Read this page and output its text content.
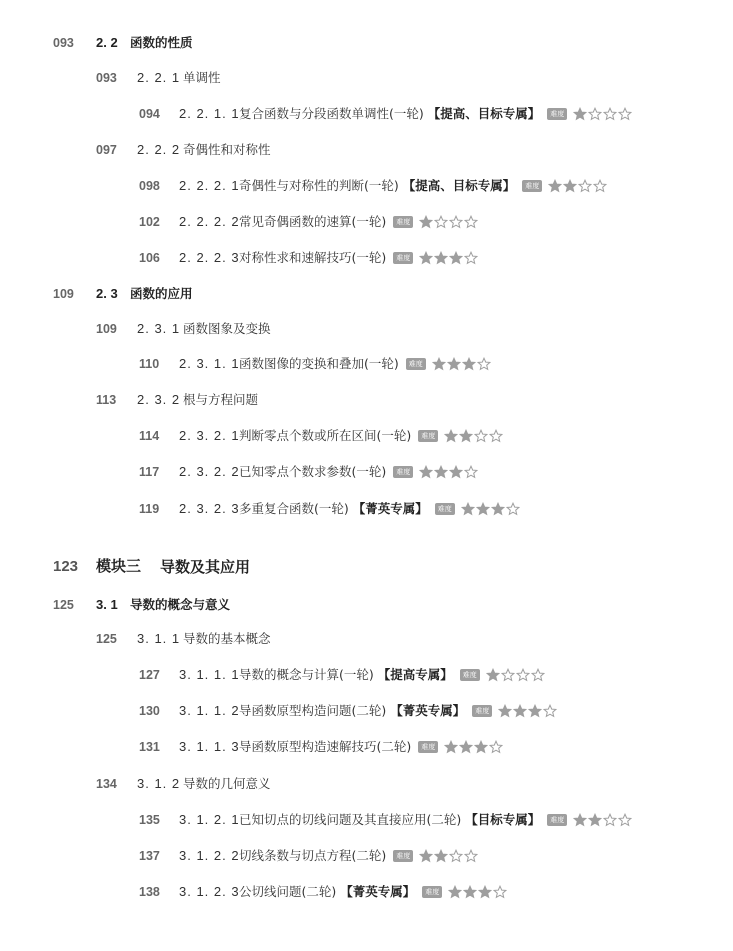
093 2. 2 函数的性质
093 2. 2. 1 单调性
094 2. 2. 1. 1 复合函数与分段函数单调性(一轮) 【提高、目标专属】	难度
097 2. 2. 2 奇偶性和对称性
098 2. 2. 2. 1 奇偶性与对称性的判断(一轮) 【提高、目标专属】	难度
102 2. 2. 2. 2 常见奇偶函数的速算(一轮)	难度
106 2. 2. 2. 3 对称性求和速解技巧(一轮)	难度
109 2. 3 函数的应用
109 2. 3. 1 函数图象及变换
110 2. 3. 1. 1 函数图像的变换和叠加(一轮)	难度
113 2. 3. 2 根与方程问题
114 2. 3. 2. 1 判断零点个数或所在区间(一轮)	难度
117 2. 3. 2. 2 已知零点个数求参数(一轮)	难度
119 2. 3. 2. 3 多重复合函数(一轮) 【菁英专属】	难度
123 模块三 导数及其应用
125 3. 1 导数的概念与意义
125 3. 1. 1 导数的基本概念
127 3. 1. 1. 1 导数的概念与计算(一轮) 【提高专属】	难度
130 3. 1. 1. 2 导函数原型构造问题(二轮) 【菁英专属】	难度
131 3. 1. 1. 3 导函数原型构造速解技巧(二轮)	难度
134 3. 1. 2 导数的几何意义
135 3. 1. 2. 1 已知切点的切线问题及其直接应用(二轮) 【目标专属】	难度
137 3. 1. 2. 2 切线条数与切点方程(二轮)	难度
138 3. 1. 2. 3 公切线问题(二轮) 【菁英专属】	难度
